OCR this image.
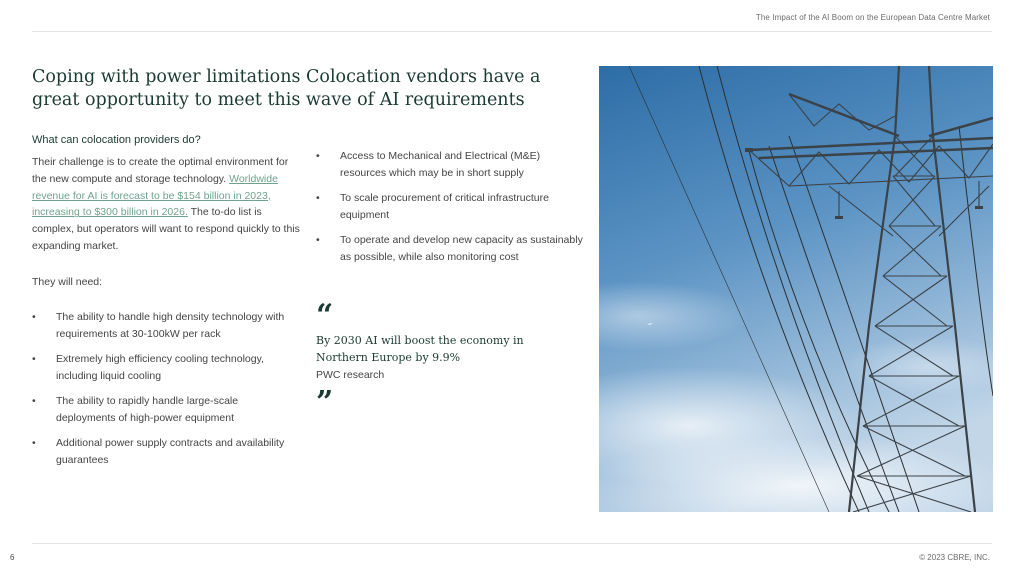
The Impact of the AI Boom on the European Data Centre Market
Coping with power limitations Colocation vendors have a great opportunity to meet this wave of AI requirements

What can colocation providers do?

Their challenge is to create the optimal environment for the new compute and storage technology. Worldwide revenue for AI is forecast to be $154 billion in 2023, increasing to $300 billion in 2026. The to-do list is complex, but operators will want to respond quickly to this expanding market.

They will need:

• The ability to handle high density technology with requirements at 30-100kW per rack
• Extremely high efficiency cooling technology, including liquid cooling
• The ability to rapidly handle large-scale deployments of high-power equipment
• Additional power supply contracts and availability guarantees
• Access to Mechanical and Electrical (M&E) resources which may be in short supply
• To scale procurement of critical infrastructure equipment
• To operate and develop new capacity as sustainably as possible, while also monitoring cost
“
By 2030 AI will boost the economy in Northern Europe by 9.9%
PWC research
”
6	© 2023 CBRE, INC.
